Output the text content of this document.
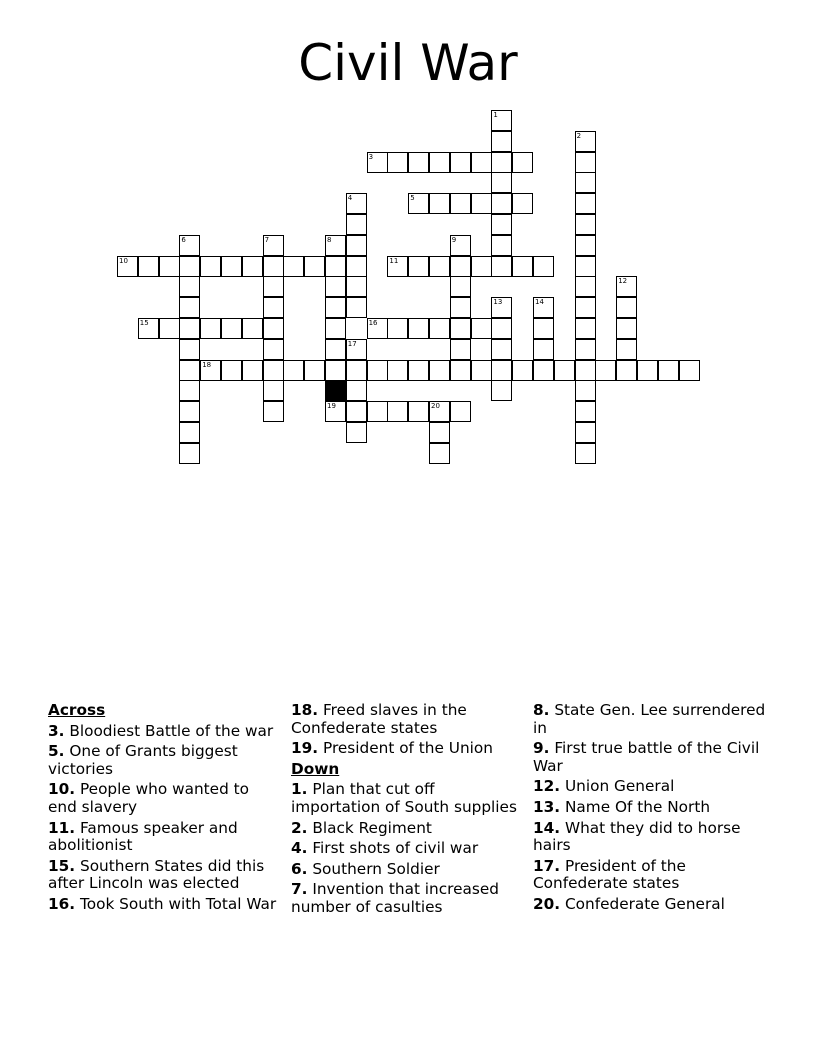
Civil War
1
2
3
4	5
6	7	8	9
10	11
12
13	14
15	16
17
18
19	20
Across
3. Bloodiest Battle of the war
5. One of Grants biggest victories
10. People who wanted to end slavery
11. Famous speaker and abolitionist
15. Southern States did this after Lincoln was elected
16. Took South with Total War
18. Freed slaves in the Confederate states
19. President of the Union
Down
1. Plan that cut off importation of South supplies
2. Black Regiment
4. First shots of civil war
6. Southern Soldier
7. Invention that increased number of casulties
8. State Gen. Lee surrendered in
9. First true battle of the Civil War
12. Union General
13. Name Of the North
14. What they did to horse hairs
17. President of the Confederate states
20. Confederate General
